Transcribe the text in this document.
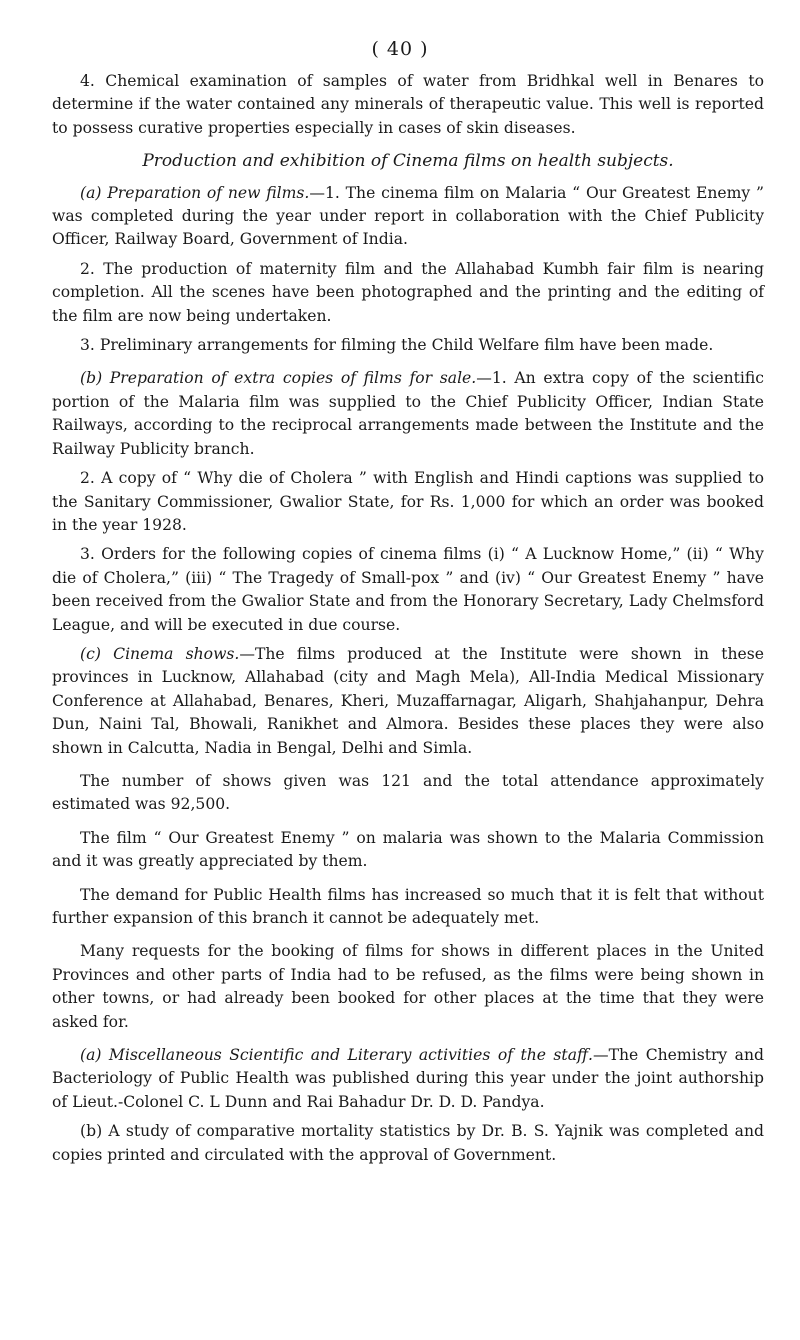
( 40 )

4. Chemical examination of samples of water from Bridhkal well in Benares to determine if the water contained any minerals of therapeutic value. This well is reported to possess curative properties especially in cases of skin diseases.

Production and exhibition of Cinema films on health subjects.

(a) Preparation of new films.—1. The cinema film on Malaria “ Our Greatest Enemy ” was completed during the year under report in collaboration with the Chief Publicity Officer, Railway Board, Government of India.

2. The production of maternity film and the Allahabad Kumbh fair film is nearing completion. All the scenes have been photographed and the printing and the editing of the film are now being undertaken.

3. Preliminary arrangements for filming the Child Welfare film have been made.

(b) Preparation of extra copies of films for sale.—1. An extra copy of the scientific portion of the Malaria film was supplied to the Chief Publicity Officer, Indian State Railways, according to the reciprocal arrangements made between the Institute and the Railway Publicity branch.

2. A copy of “ Why die of Cholera ” with English and Hindi captions was supplied to the Sanitary Commissioner, Gwalior State, for Rs. 1,000 for which an order was booked in the year 1928.

3. Orders for the following copies of cinema films (i) “ A Lucknow Home,” (ii) “ Why die of Cholera,” (iii) “ The Tragedy of Small-pox ” and (iv) “ Our Greatest Enemy ” have been received from the Gwalior State and from the Honorary Secretary, Lady Chelmsford League, and will be executed in due course.

(c) Cinema shows.—The films produced at the Institute were shown in these provinces in Lucknow, Allahabad (city and Magh Mela), All-India Medical Missionary Conference at Allahabad, Benares, Kheri, Muzaffarnagar, Aligarh, Shahjahanpur, Dehra Dun, Naini Tal, Bhowali, Ranikhet and Almora. Besides these places they were also shown in Calcutta, Nadia in Bengal, Delhi and Simla.

The number of shows given was 121 and the total attendance approximately estimated was 92,500.

The film “ Our Greatest Enemy ” on malaria was shown to the Malaria Commission and it was greatly appreciated by them.

The demand for Public Health films has increased so much that it is felt that without further expansion of this branch it cannot be adequately met.

Many requests for the booking of films for shows in different places in the United Provinces and other parts of India had to be refused, as the films were being shown in other towns, or had already been booked for other places at the time that they were asked for.

(a) Miscellaneous Scientific and Literary activities of the staff.—The Chemistry and Bacteriology of Public Health was published during this year under the joint authorship of Lieut.-Colonel C. L Dunn and Rai Bahadur Dr. D. D. Pandya.

(b) A study of comparative mortality statistics by Dr. B. S. Yajnik was completed and copies printed and circulated with the approval of Government.
